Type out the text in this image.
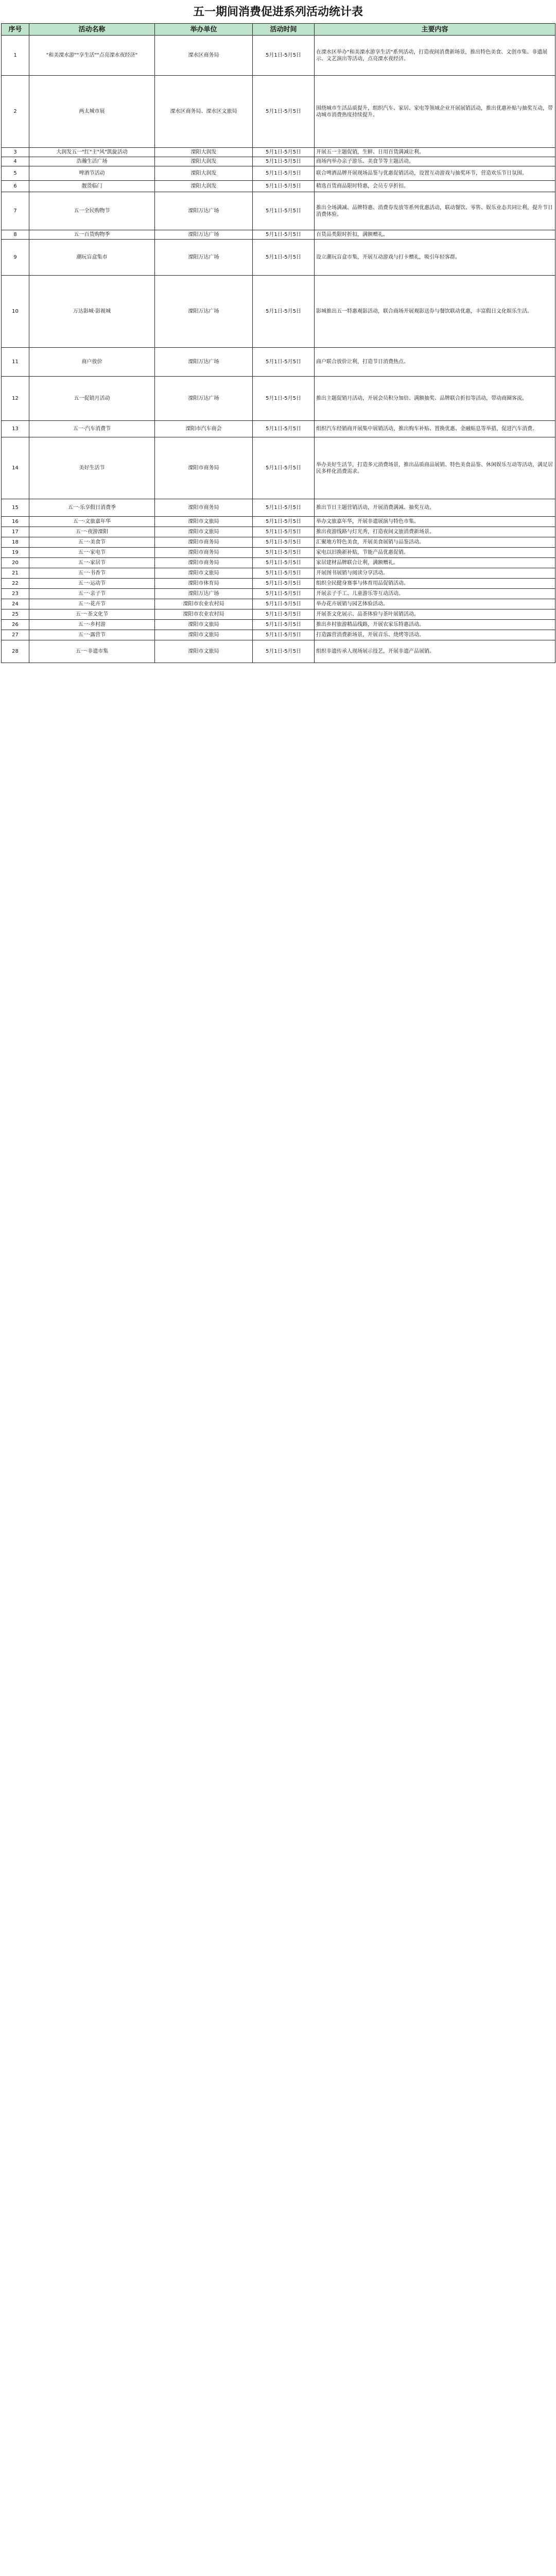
五一期间消费促进系列活动统计表
序号	活动名称	举办单位	活动时间	主要内容
1	"和美溧水游""享生活""点亮溧水夜经济"	溧水区商务局	5月1日-5月5日	在溧水区举办"和美溧水游享生活"系列活动，打造夜间消费新场景，推出特色美食、文创市集、非遗展示、文艺演出等活动，点亮溧水夜经济。
2	两太城市展	溧水区商务局、溧水区文旅局	5月1日-5月5日	围绕城市生活品质提升，组织汽车、家居、家电等领域企业开展展销活动，推出优惠补贴与抽奖互动，带动城市消费热度持续提升。
3	大润发五一"红"主"风"凯旋活动	溧阳大润发	5月1日-5月5日	开展五一主题促销，生鲜、日用百货满减让利。
4	浩瀚生活广场	溧阳大润发	5月1日-5月5日	商场内举办亲子游乐、美食节等主题活动。
5	啤酒节活动	溧阳大润发	5月1日-5月5日	联合啤酒品牌开展现场品鉴与优惠促销活动，设置互动游戏与抽奖环节，营造欢乐节日氛围。
6	靓货临门	溧阳大润发	5月1日-5月5日	精选百货商品限时特惠，会员专享折扣。
7	五一全民购物节	溧阳万达广场	5月1日-5月5日	推出全场满减、品牌特惠、消费券发放等系列优惠活动，联动餐饮、零售、娱乐业态共同让利，提升节日消费体验。
8	五一百货购物季	溧阳万达广场	5月1日-5月5日	百货品类限时折扣，满额赠礼。
9	潮玩盲盒集市	溧阳万达广场	5月1日-5月5日	设立潮玩盲盒市集，开展互动游戏与打卡赠礼，吸引年轻客群。
10	万达影城·影视城	溧阳万达广场	5月1日-5月5日	影城推出五一特惠观影活动，联合商场开展观影送券与餐饮联动优惠，丰富假日文化娱乐生活。
11	商户放价	溧阳万达广场	5月1日-5月5日	商户联合放价让利，打造节日消费热点。
12	五一促销月活动	溧阳万达广场	5月1日-5月5日	推出主题促销月活动，开展会员积分加倍、满额抽奖、品牌联合折扣等活动，带动商圈客流。
13	五一·汽车消费节	溧阳市汽车商会	5月1日-5月5日	组织汽车经销商开展集中展销活动，推出购车补贴、置换优惠、金融贴息等举措，促进汽车消费。
14	美好生活节	溧阳市商务局	5月1日-5月5日	举办美好生活节，打造多元消费场景，推出品质商品展销、特色美食品鉴、休闲娱乐互动等活动，满足居民多样化消费需求。
15	五一·乐享假日消费季	溧阳市商务局	5月1日-5月5日	推出节日主题营销活动，开展消费满减、抽奖互动。
16	五一·文旅嘉年华	溧阳市文旅局	5月1日-5月5日	举办文旅嘉年华，开展非遗展演与特色市集。
17	五一·夜游溧阳	溧阳市文旅局	5月1日-5月5日	推出夜游线路与灯光秀，打造夜间文旅消费新场景。
18	五一·美食节	溧阳市商务局	5月1日-5月5日	汇聚地方特色美食，开展美食展销与品鉴活动。
19	五一·家电节	溧阳市商务局	5月1日-5月5日	家电以旧换新补贴，节能产品优惠促销。
20	五一·家居节	溧阳市商务局	5月1日-5月5日	家居建材品牌联合让利，满额赠礼。
21	五一·书香节	溧阳市文旅局	5月1日-5月5日	开展图书展销与阅读分享活动。
22	五一·运动节	溧阳市体育局	5月1日-5月5日	组织全民健身赛事与体育用品促销活动。
23	五一·亲子节	溧阳万达广场	5月1日-5月5日	开展亲子手工、儿童游乐等互动活动。
24	五一·花卉节	溧阳市农业农村局	5月1日-5月5日	举办花卉展销与园艺体验活动。
25	五一·茶文化节	溧阳市农业农村局	5月1日-5月5日	开展茶文化展示、品茶体验与茶叶展销活动。
26	五一·乡村游	溧阳市文旅局	5月1日-5月5日	推出乡村旅游精品线路，开展农家乐特惠活动。
27	五一·露营节	溧阳市文旅局	5月1日-5月5日	打造露营消费新场景，开展音乐、烧烤等活动。
28	五一·非遗市集	溧阳市文旅局	5月1日-5月5日	组织非遗传承人现场展示技艺，开展非遗产品展销。
